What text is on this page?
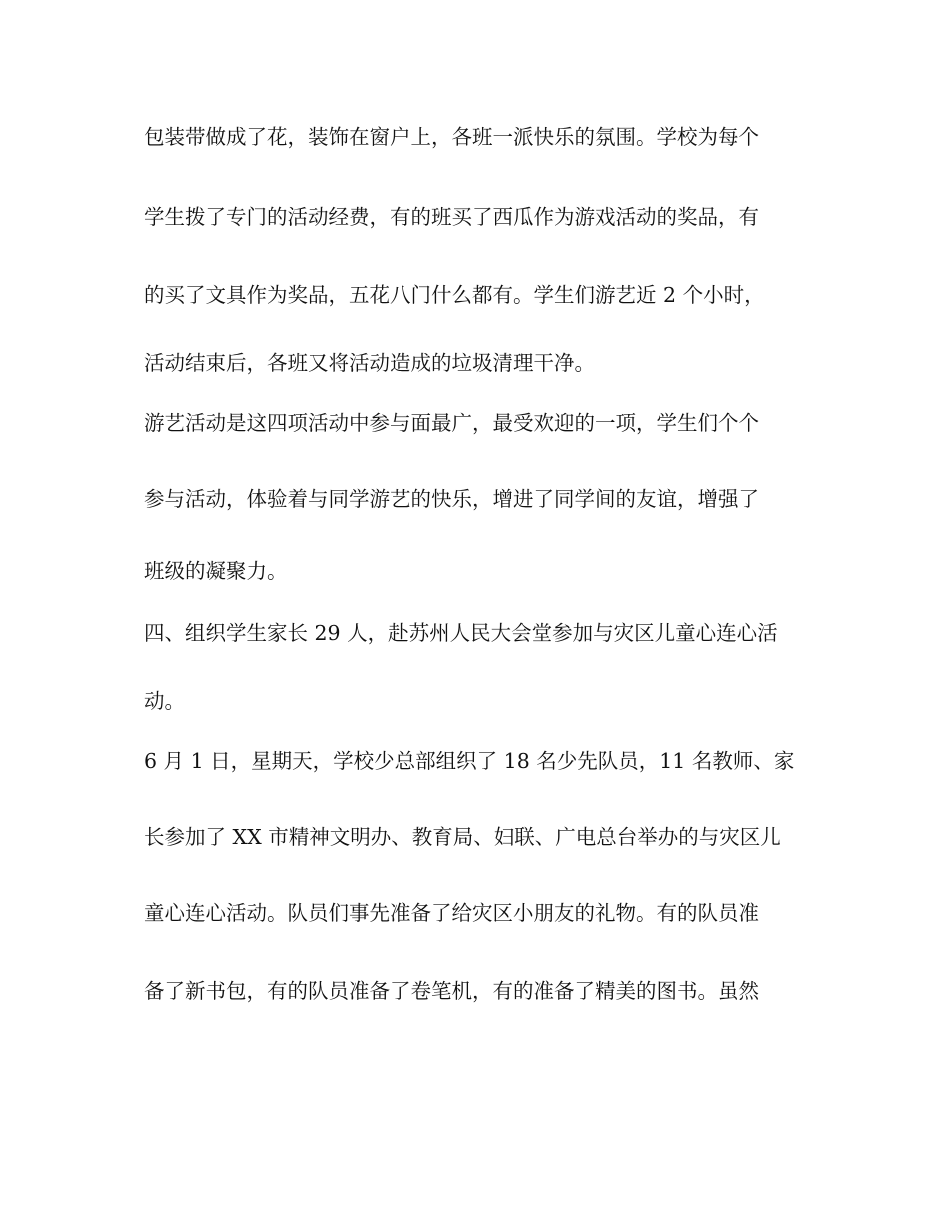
包装带做成了花，装饰在窗户上，各班一派快乐的氛围。学校为每个
学生拨了专门的活动经费，有的班买了西瓜作为游戏活动的奖品，有
的买了文具作为奖品，五花八门什么都有。学生们游艺近 2 个小时，
活动结束后，各班又将活动造成的垃圾清理干净。
游艺活动是这四项活动中参与面最广，最受欢迎的一项，学生们个个
参与活动，体验着与同学游艺的快乐，增进了同学间的友谊，增强了
班级的凝聚力。
四、组织学生家长 29 人，赴苏州人民大会堂参加与灾区儿童心连心活
动。
6 月 1 日，星期天，学校少总部组织了 18 名少先队员，11 名教师、家
长参加了 XX 市精神文明办、教育局、妇联、广电总台举办的与灾区儿
童心连心活动。队员们事先准备了给灾区小朋友的礼物。有的队员准
备了新书包，有的队员准备了卷笔机，有的准备了精美的图书。虽然
